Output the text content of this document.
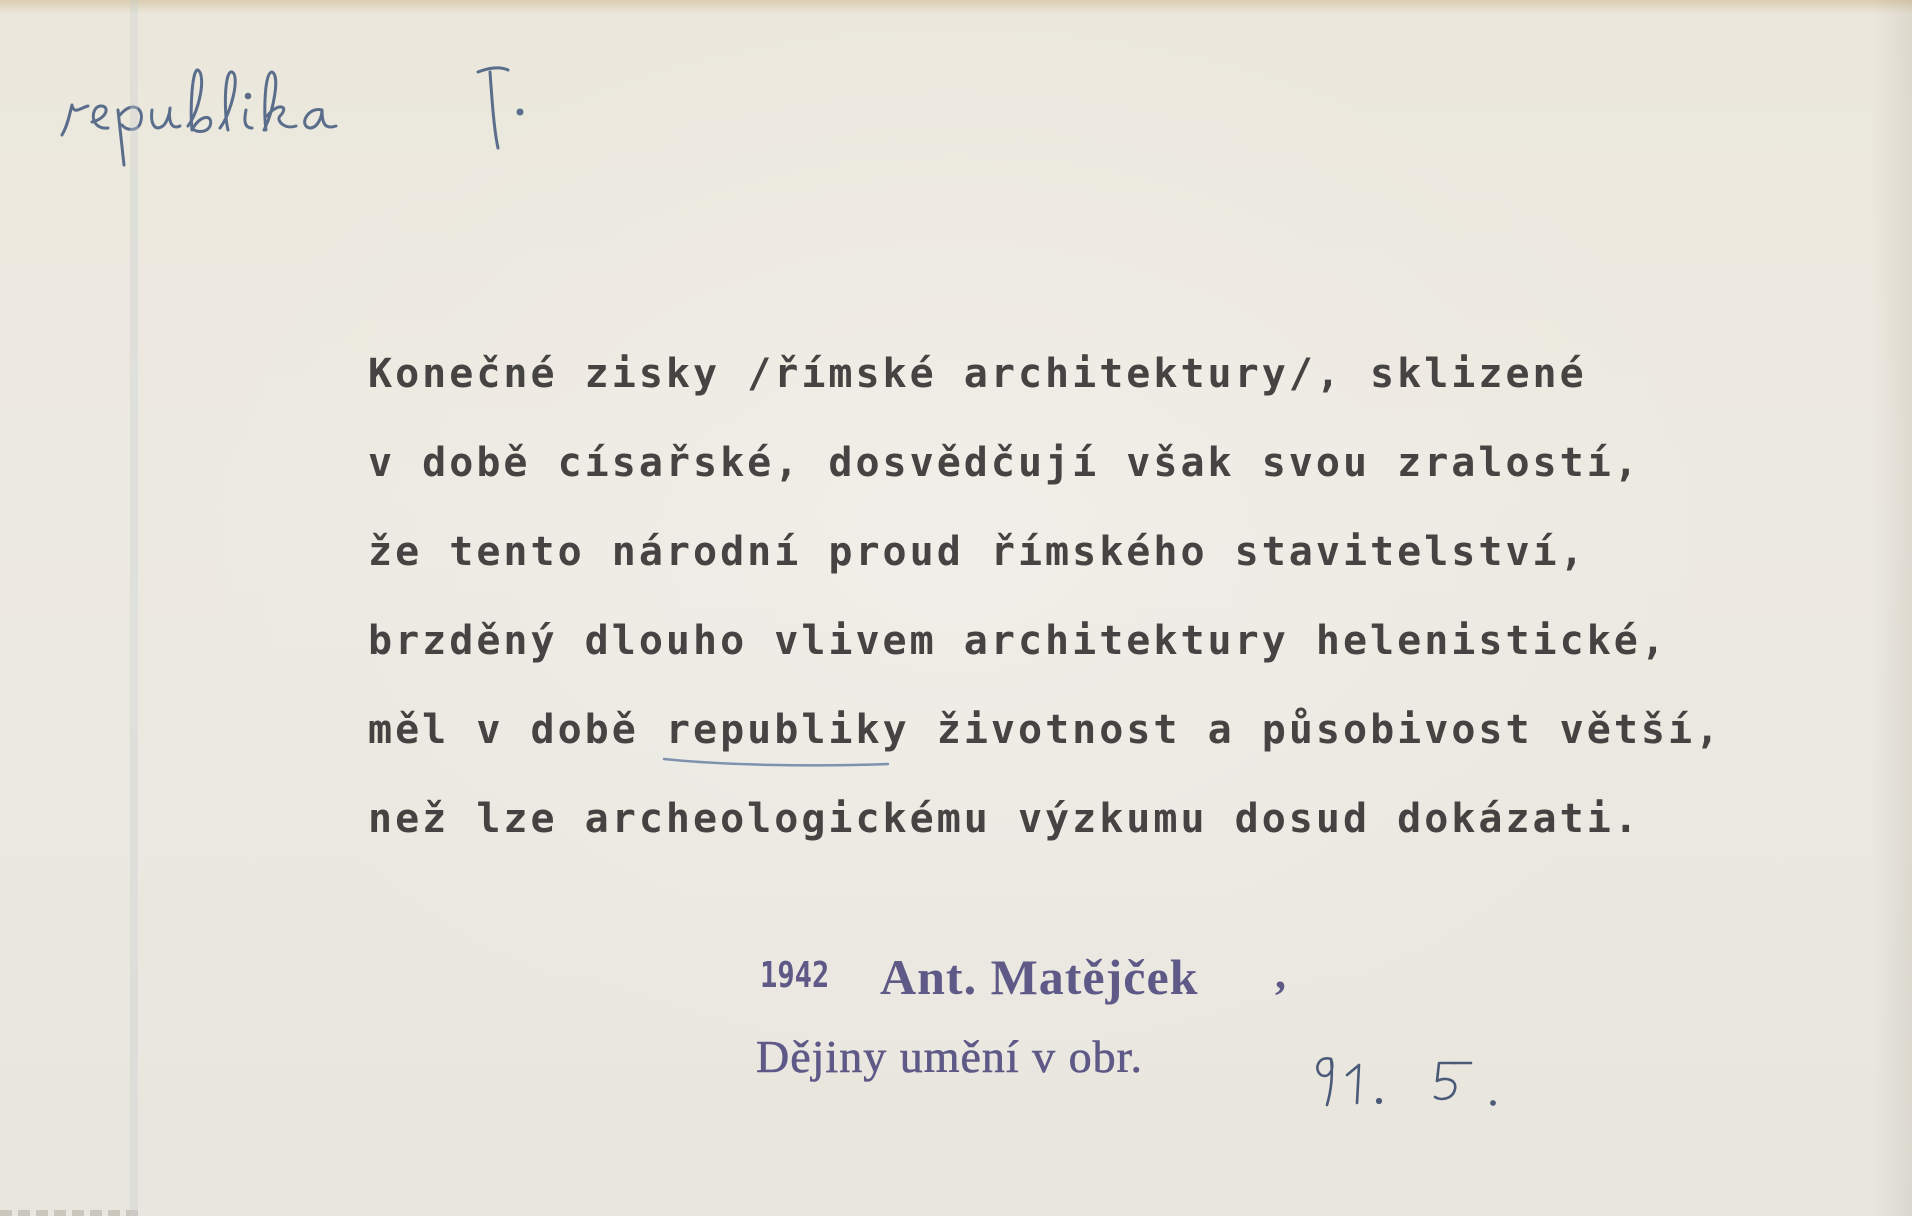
Konečné zisky /římské architektury/, sklizené
v době císařské, dosvědčují však svou zralostí,
že tento národní proud římského stavitelství,
brzděný dlouho vlivem architektury helenistické,
měl v době republiky životnost a působivost větší,
než lze archeologickému výzkumu dosud dokázati.
1942 Ant. Matějček ,
Dějiny umění v obr.
